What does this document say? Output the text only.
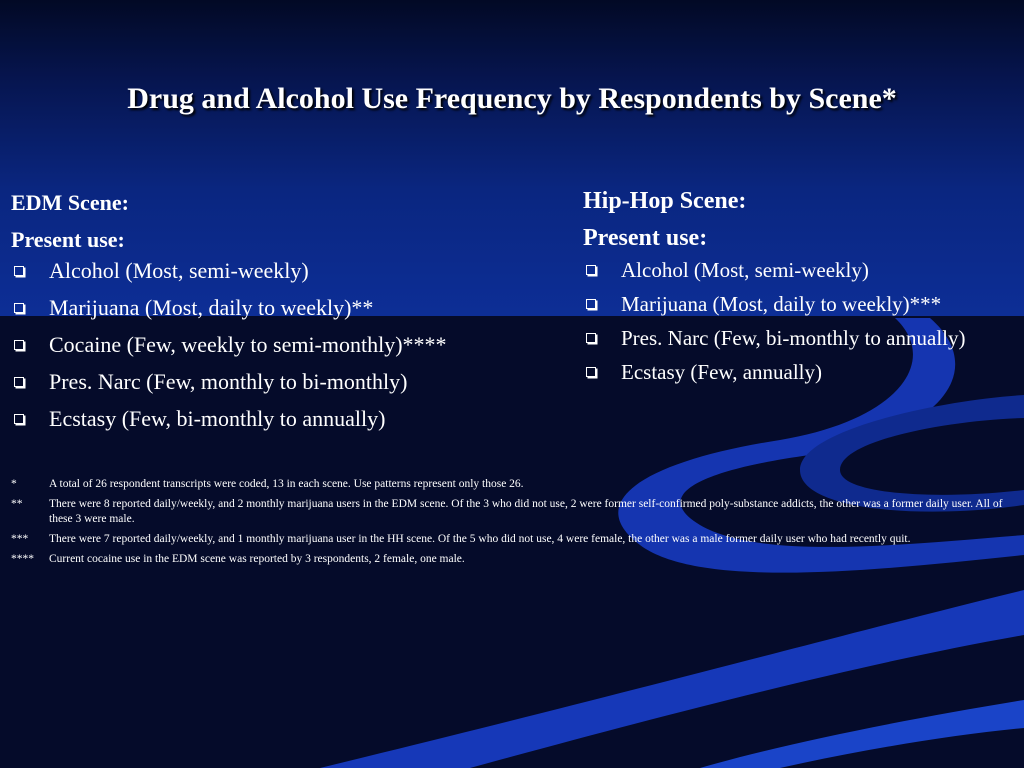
Drug and Alcohol Use Frequency by Respondents by Scene*
EDM Scene:
Present use:
Alcohol (Most, semi-weekly)
Marijuana (Most, daily to weekly)**
Cocaine (Few, weekly to semi-monthly)****
Pres. Narc (Few, monthly to bi-monthly)
Ecstasy (Few, bi-monthly to annually)
Hip-Hop Scene:
Present use:
Alcohol (Most, semi-weekly)
Marijuana (Most, daily to weekly)***
Pres. Narc (Few, bi-monthly to annually)
Ecstasy (Few, annually)
*	A total of 26 respondent transcripts were coded, 13 in each scene. Use patterns represent only those 26.
**	There were 8 reported daily/weekly, and 2 monthly marijuana users in the EDM scene. Of the 3 who did not use, 2 were former self-confirmed poly-substance addicts, the other was a former daily user. All of these 3 were male.
***	There were 7 reported daily/weekly, and 1 monthly marijuana user in the HH scene. Of the 5 who did not use, 4 were female, the other was a male former daily user who had recently quit.
****	Current cocaine use in the EDM scene was reported by 3 respondents, 2 female, one male.
